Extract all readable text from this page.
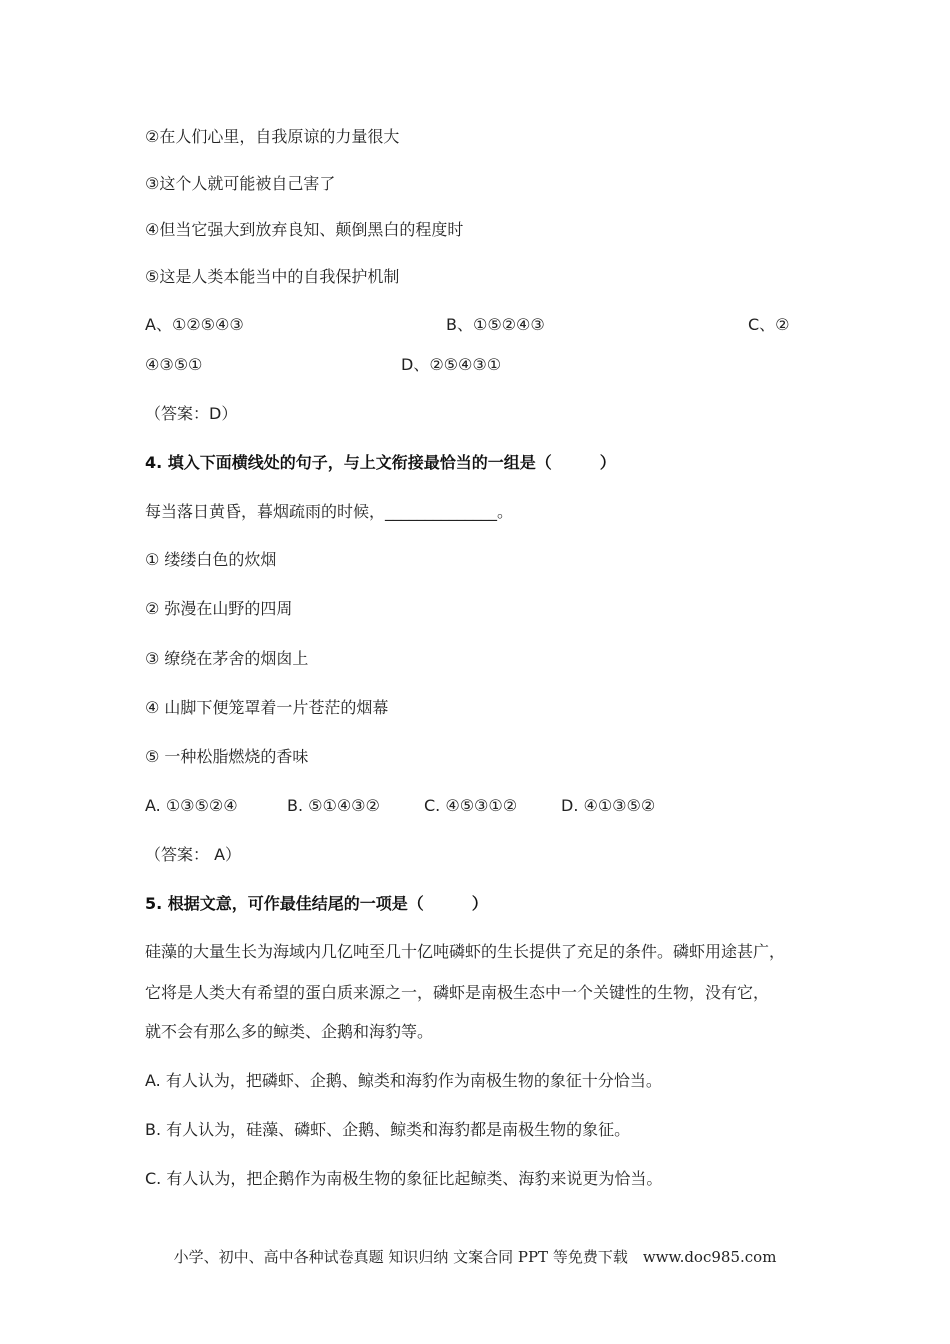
②在人们心里，自我原谅的力量很大
③这个人就可能被自己害了
④但当它强大到放弃良知、颠倒黑白的程度时
⑤这是人类本能当中的自我保护机制
A、①②⑤④③	B、①⑤②④③	C、②
④③⑤①	D、②⑤④③①
（答案：D）
4. 填入下面横线处的句子，与上文衔接最恰当的一组是（　　　）
每当落日黄昏，暮烟疏雨的时候，______________。
① 缕缕白色的炊烟
② 弥漫在山野的四周
③ 缭绕在茅舍的烟囱上
④ 山脚下便笼罩着一片苍茫的烟幕
⑤ 一种松脂燃烧的香味
A. ①③⑤②④	B. ⑤①④③②	C. ④⑤③①②	D. ④①③⑤②
（答案： A）
5. 根据文意，可作最佳结尾的一项是（　　　）
硅藻的大量生长为海域内几亿吨至几十亿吨磷虾的生长提供了充足的条件。磷虾用途甚广，
它将是人类大有希望的蛋白质来源之一，磷虾是南极生态中一个关键性的生物，没有它，
就不会有那么多的鲸类、企鹅和海豹等。
A. 有人认为，把磷虾、企鹅、鲸类和海豹作为南极生物的象征十分恰当。
B. 有人认为，硅藻、磷虾、企鹅、鲸类和海豹都是南极生物的象征。
C. 有人认为，把企鹅作为南极生物的象征比起鲸类、海豹来说更为恰当。
小学、初中、高中各种试卷真题 知识归纳 文案合同 PPT 等免费下载　www.doc985.com
